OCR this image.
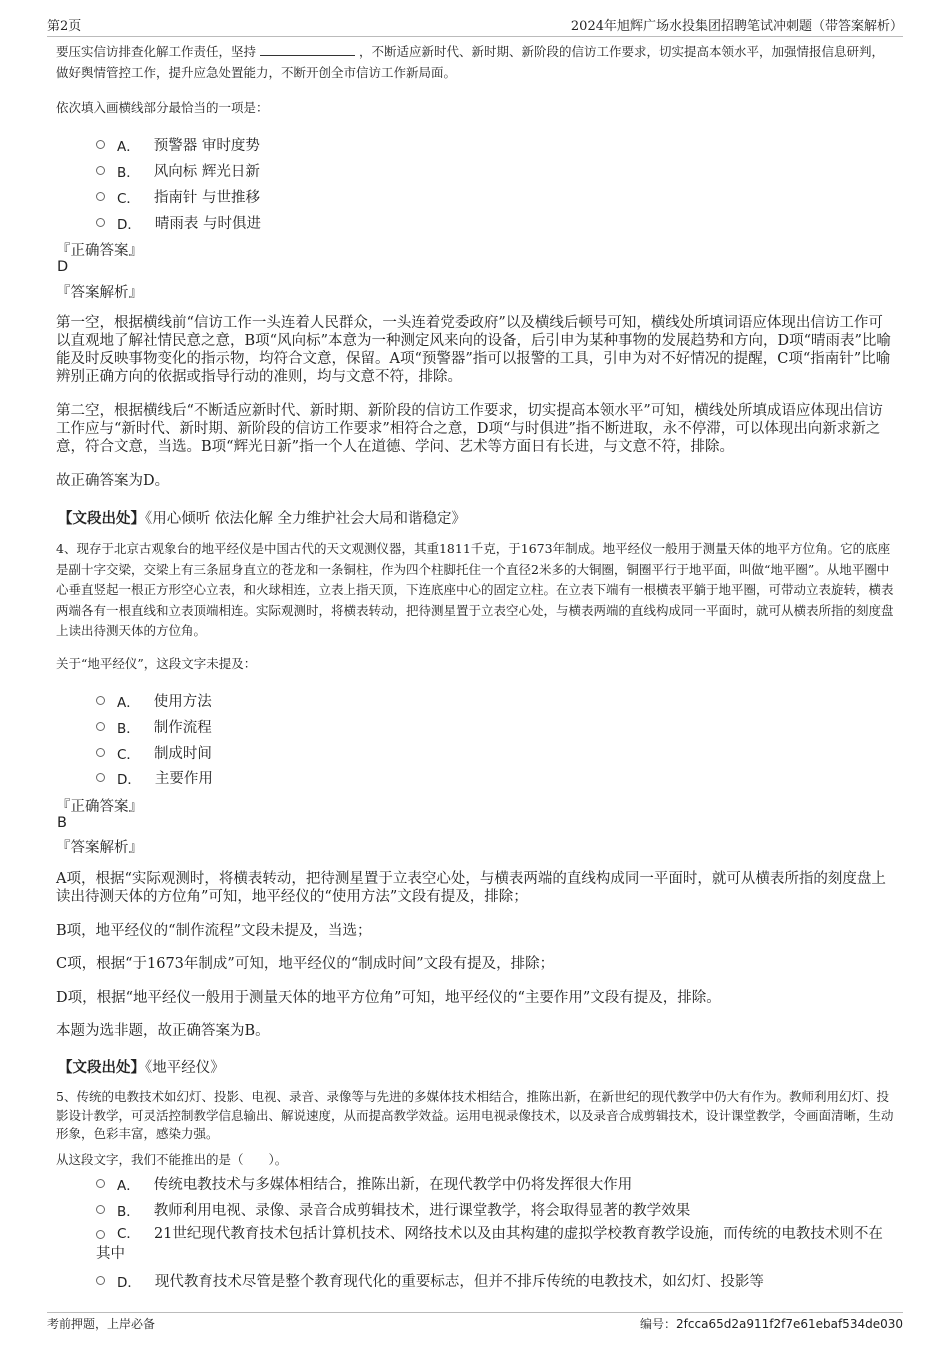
第2页	2024年旭辉广场水投集团招聘笔试冲刺题（带答案解析）
要压实信访排查化解工作责任，坚持	，不断适应新时代、新时期、新阶段的信访工作要求，切实提高本领水平，加强情报信息研判，做好舆情管控工作，提升应急处置能力，不断开创全市信访工作新局面。
依次填入画横线部分最恰当的一项是：
A． 预警器 审时度势
B． 风向标 辉光日新
C． 指南针 与世推移
D． 晴雨表 与时俱进
『正确答案』
D
『答案解析』
第一空，根据横线前“信访工作一头连着人民群众，一头连着党委政府”以及横线后顿号可知，横线处所填词语应体现出信访工作可以直观地了解社情民意之意，B项“风向标”本意为一种测定风来向的设备，后引申为某种事物的发展趋势和方向，D项“晴雨表”比喻能及时反映事物变化的指示物，均符合文意，保留。A项“预警器”指可以报警的工具，引申为对不好情况的提醒，C项“指南针”比喻辨别正确方向的依据或指导行动的准则，均与文意不符，排除。
第二空，根据横线后“不断适应新时代、新时期、新阶段的信访工作要求，切实提高本领水平”可知，横线处所填成语应体现出信访工作应与“新时代、新时期、新阶段的信访工作要求”相符合之意，D项“与时俱进”指不断进取，永不停滞，可以体现出向新求新之意，符合文意，当选。B项“辉光日新”指一个人在道德、学问、艺术等方面日有长进，与文意不符，排除。
故正确答案为D。
【文段出处】《用心倾听 依法化解 全力维护社会大局和谐稳定》
4、现存于北京古观象台的地平经仪是中国古代的天文观测仪器，其重1811千克，于1673年制成。地平经仪一般用于测量天体的地平方位角。它的底座是副十字交梁，交梁上有三条屈身直立的苍龙和一条铜柱，作为四个柱脚托住一个直径2米多的大铜圈，铜圈平行于地平面，叫做“地平圈”。从地平圈中心垂直竖起一根正方形空心立表，和火球相连，立表上指天顶，下连底座中心的固定立柱。在立表下端有一根横表平躺于地平圈，可带动立表旋转，横表两端各有一根直线和立表顶端相连。实际观测时，将横表转动，把待测星置于立表空心处，与横表两端的直线构成同一平面时，就可从横表所指的刻度盘上读出待测天体的方位角。
关于“地平经仪”，这段文字未提及：
A． 使用方法
B． 制作流程
C． 制成时间
D． 主要作用
『正确答案』
B
『答案解析』
A项，根据“实际观测时，将横表转动，把待测星置于立表空心处，与横表两端的直线构成同一平面时，就可从横表所指的刻度盘上读出待测天体的方位角”可知，地平经仪的“使用方法”文段有提及，排除；
B项，地平经仪的“制作流程”文段未提及，当选；
C项，根据“于1673年制成”可知，地平经仪的“制成时间”文段有提及，排除；
D项，根据“地平经仪一般用于测量天体的地平方位角”可知，地平经仪的“主要作用”文段有提及，排除。
本题为选非题，故正确答案为B。
【文段出处】《地平经仪》
5、传统的电教技术如幻灯、投影、电视、录音、录像等与先进的多媒体技术相结合，推陈出新，在新世纪的现代教学中仍大有作为。教师利用幻灯、投影设计教学，可灵活控制教学信息输出、解说速度，从而提高教学效益。运用电视录像技术，以及录音合成剪辑技术，设计课堂教学，令画面清晰，生动形象，色彩丰富，感染力强。
从这段文字，我们不能推出的是（　　）。
A． 传统电教技术与多媒体相结合，推陈出新，在现代教学中仍将发挥很大作用
B． 教师利用电视、录像、录音合成剪辑技术，进行课堂教学，将会取得显著的教学效果
C． 21世纪现代教育技术包括计算机技术、网络技术以及由其构建的虚拟学校教育教学设施，而传统的电教技术则不在其中
D． 现代教育技术尽管是整个教育现代化的重要标志，但并不排斥传统的电教技术，如幻灯、投影等
考前押题，上岸必备	编号：2fcca65d2a911f2f7e61ebaf534de030
